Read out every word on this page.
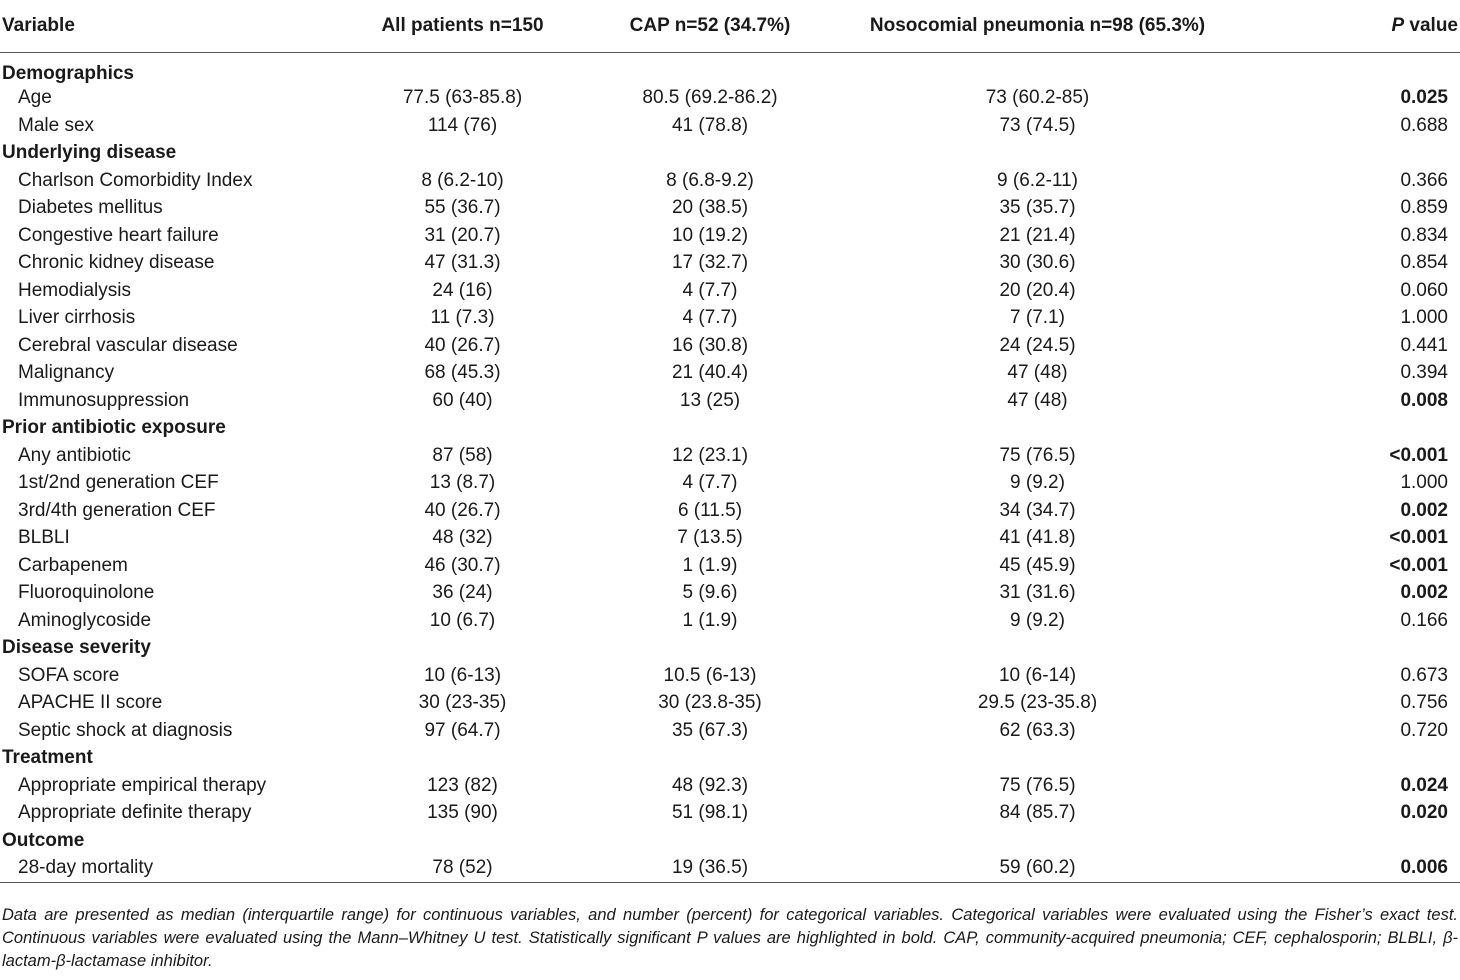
Variable	All patients n=150	CAP n=52 (34.7%)	Nosocomial pneumonia n=98 (65.3%)	P value
Demographics				
Age	77.5 (63-85.8)	80.5 (69.2-86.2)	73 (60.2-85)	0.025
Male sex	114 (76)	41 (78.8)	73 (74.5)	0.688
Underlying disease				
Charlson Comorbidity Index	8 (6.2-10)	8 (6.8-9.2)	9 (6.2-11)	0.366
Diabetes mellitus	55 (36.7)	20 (38.5)	35 (35.7)	0.859
Congestive heart failure	31 (20.7)	10 (19.2)	21 (21.4)	0.834
Chronic kidney disease	47 (31.3)	17 (32.7)	30 (30.6)	0.854
Hemodialysis	24 (16)	4 (7.7)	20 (20.4)	0.060
Liver cirrhosis	11 (7.3)	4 (7.7)	7 (7.1)	1.000
Cerebral vascular disease	40 (26.7)	16 (30.8)	24 (24.5)	0.441
Malignancy	68 (45.3)	21 (40.4)	47 (48)	0.394
Immunosuppression	60 (40)	13 (25)	47 (48)	0.008
Prior antibiotic exposure				
Any antibiotic	87 (58)	12 (23.1)	75 (76.5)	<0.001
1st/2nd generation CEF	13 (8.7)	4 (7.7)	9 (9.2)	1.000
3rd/4th generation CEF	40 (26.7)	6 (11.5)	34 (34.7)	0.002
BLBLI	48 (32)	7 (13.5)	41 (41.8)	<0.001
Carbapenem	46 (30.7)	1 (1.9)	45 (45.9)	<0.001
Fluoroquinolone	36 (24)	5 (9.6)	31 (31.6)	0.002
Aminoglycoside	10 (6.7)	1 (1.9)	9 (9.2)	0.166
Disease severity				
SOFA score	10 (6-13)	10.5 (6-13)	10 (6-14)	0.673
APACHE II score	30 (23-35)	30 (23.8-35)	29.5 (23-35.8)	0.756
Septic shock at diagnosis	97 (64.7)	35 (67.3)	62 (63.3)	0.720
Treatment				
Appropriate empirical therapy	123 (82)	48 (92.3)	75 (76.5)	0.024
Appropriate definite therapy	135 (90)	51 (98.1)	84 (85.7)	0.020
Outcome				
28-day mortality	78 (52)	19 (36.5)	59 (60.2)	0.006
Data are presented as median (interquartile range) for continuous variables, and number (percent) for categorical variables. Categorical variables were evaluated using the Fisher’s exact test. Continuous variables were evaluated using the Mann–Whitney U test. Statistically significant P values are highlighted in bold. CAP, community-acquired pneumonia; CEF, cephalosporin; BLBLI, β-lactam-β-lactamase inhibitor.
